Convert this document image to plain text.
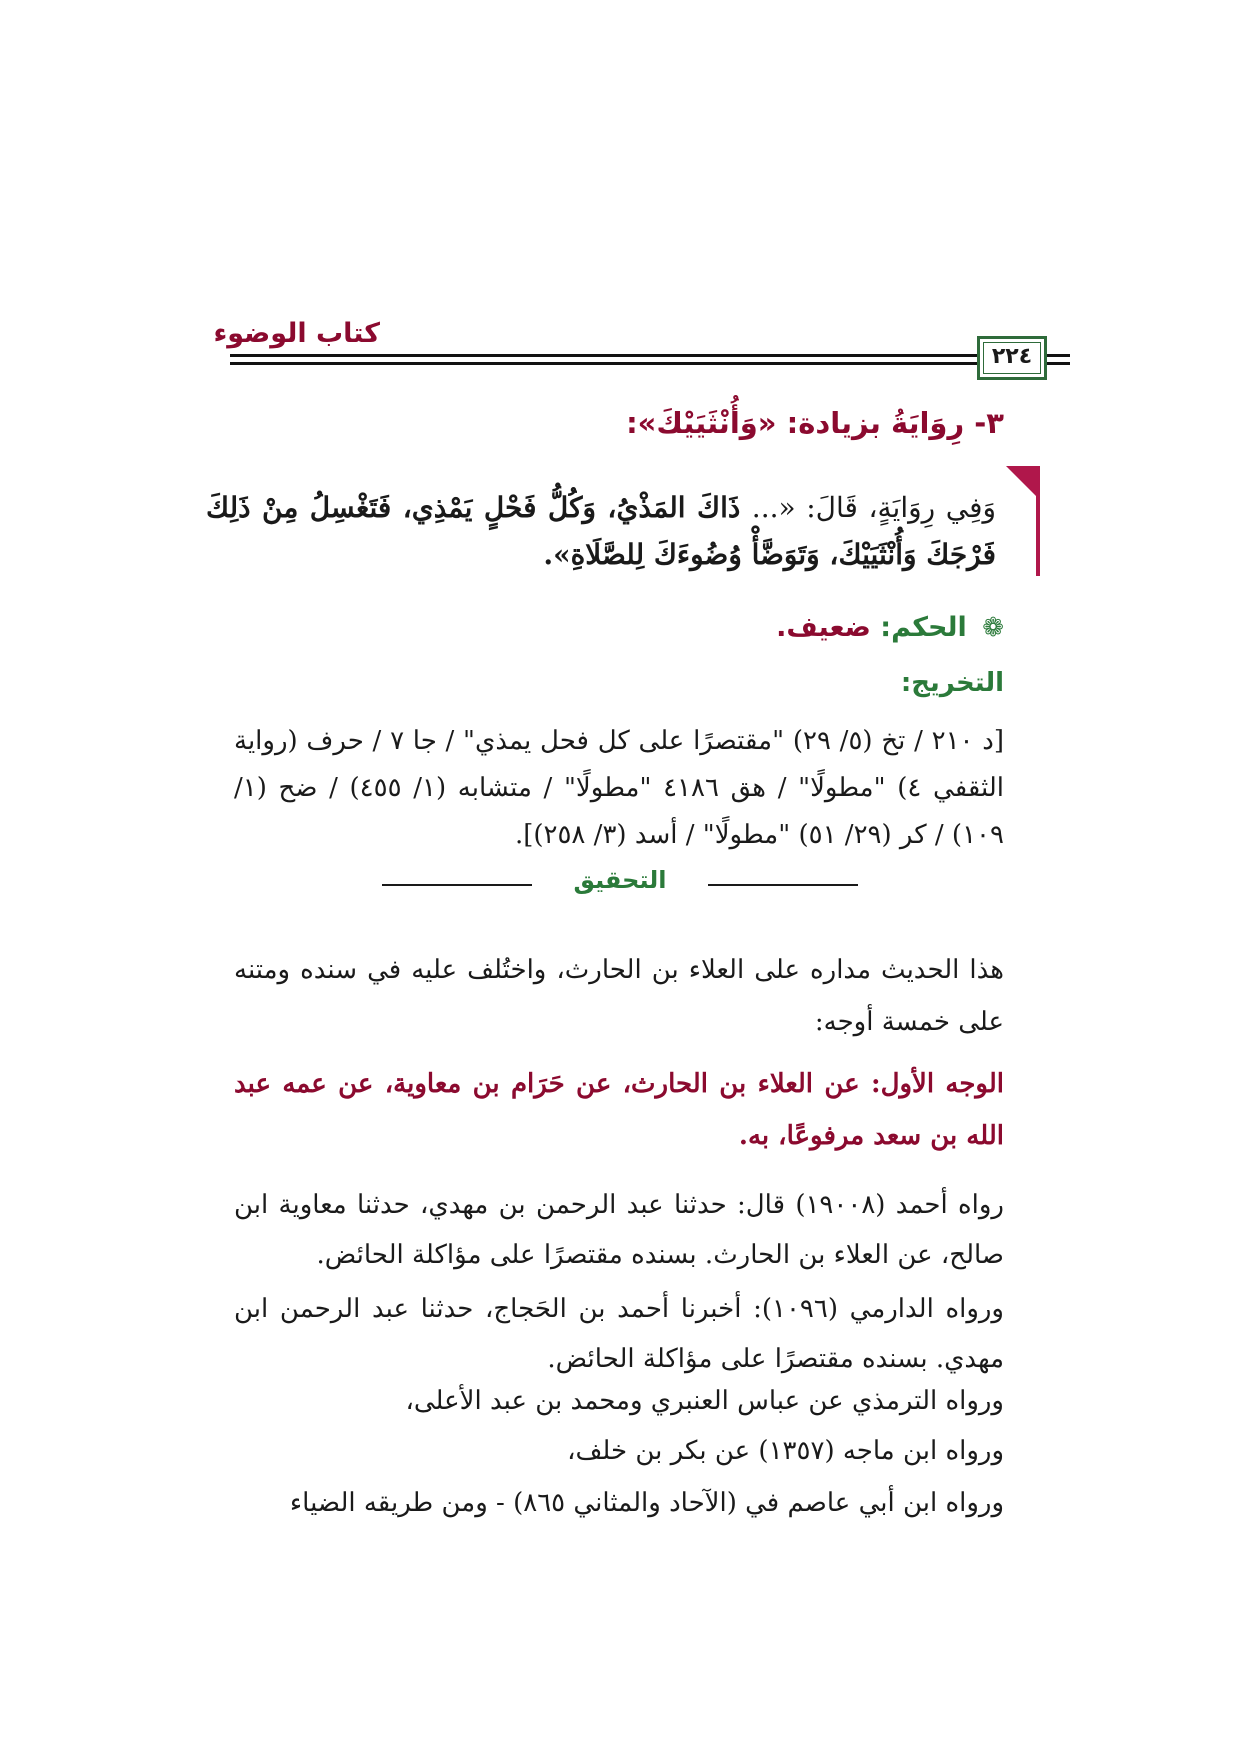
كتاب الوضوء
٢٢٤
٣- رِوَايَةُ بزيادة: «وَأُنْثَيَيْكَ»:
وَفِي رِوَايَةٍ، قَالَ: «... ذَاكَ المَذْيُ، وَكُلُّ فَحْلٍ يَمْذِي، فَتَغْسِلُ مِنْ ذَلِكَ فَرْجَكَ وَأُنْثَيَيْكَ، وَتَوَضَّأْ وُضُوءَكَ لِلصَّلَاةِ».
❁ الحكم: ضعيف.
التخريج:
[د ٢١٠ / تخ (٥/ ٢٩) "مقتصرًا على كل فحل يمذي" / جا ٧ / حرف (رواية الثقفي ٤) "مطولًا" / هق ٤١٨٦ "مطولًا" / متشابه (١/ ٤٥٥) / ضح (١/ ١٠٩) / كر (٢٩/ ٥١) "مطولًا" / أسد (٣/ ٢٥٨)].
التحقيق
هذا الحديث مداره على العلاء بن الحارث، واختُلف عليه في سنده ومتنه على خمسة أوجه:
الوجه الأول: عن العلاء بن الحارث، عن حَرَام بن معاوية، عن عمه عبد الله بن سعد مرفوعًا، به.
رواه أحمد (١٩٠٠٨) قال: حدثنا عبد الرحمن بن مهدي، حدثنا معاوية ابن صالح، عن العلاء بن الحارث. بسنده مقتصرًا على مؤاكلة الحائض.
ورواه الدارمي (١٠٩٦): أخبرنا أحمد بن الحَجاج، حدثنا عبد الرحمن ابن مهدي. بسنده مقتصرًا على مؤاكلة الحائض.
ورواه الترمذي عن عباس العنبري ومحمد بن عبد الأعلى،
ورواه ابن ماجه (١٣٥٧) عن بكر بن خلف،
ورواه ابن أبي عاصم في (الآحاد والمثاني ٨٦٥) - ومن طريقه الضياء
